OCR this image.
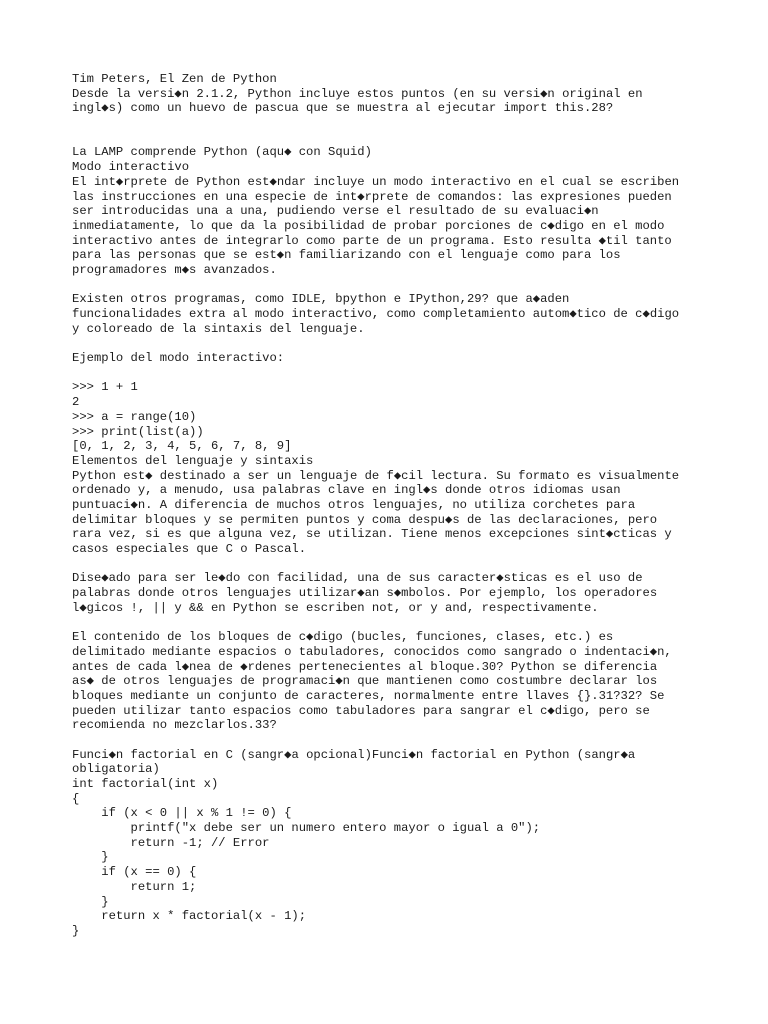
Tim Peters, El Zen de Python
Desde la versi◆n 2.1.2, Python incluye estos puntos (en su versi◆n original en
ingl◆s) como un huevo de pascua que se muestra al ejecutar import this.28?
La LAMP comprende Python (aqu◆ con Squid)
Modo interactivo
El int◆rprete de Python est◆ndar incluye un modo interactivo en el cual se escriben
las instrucciones en una especie de int◆rprete de comandos: las expresiones pueden
ser introducidas una a una, pudiendo verse el resultado de su evaluaci◆n
inmediatamente, lo que da la posibilidad de probar porciones de c◆digo en el modo
interactivo antes de integrarlo como parte de un programa. Esto resulta ◆til tanto
para las personas que se est◆n familiarizando con el lenguaje como para los
programadores m◆s avanzados.
Existen otros programas, como IDLE, bpython e IPython,29? que a◆aden
funcionalidades extra al modo interactivo, como completamiento autom◆tico de c◆digo
y coloreado de la sintaxis del lenguaje.
Ejemplo del modo interactivo:
>>> 1 + 1
2
>>> a = range(10)
>>> print(list(a))
[0, 1, 2, 3, 4, 5, 6, 7, 8, 9]
Elementos del lenguaje y sintaxis
Python est◆ destinado a ser un lenguaje de f◆cil lectura. Su formato es visualmente
ordenado y, a menudo, usa palabras clave en ingl◆s donde otros idiomas usan
puntuaci◆n. A diferencia de muchos otros lenguajes, no utiliza corchetes para
delimitar bloques y se permiten puntos y coma despu◆s de las declaraciones, pero
rara vez, si es que alguna vez, se utilizan. Tiene menos excepciones sint◆cticas y
casos especiales que C o Pascal.
Dise◆ado para ser le◆do con facilidad, una de sus caracter◆sticas es el uso de
palabras donde otros lenguajes utilizar◆an s◆mbolos. Por ejemplo, los operadores
l◆gicos !, || y && en Python se escriben not, or y and, respectivamente.
El contenido de los bloques de c◆digo (bucles, funciones, clases, etc.) es
delimitado mediante espacios o tabuladores, conocidos como sangrado o indentaci◆n,
antes de cada l◆nea de ◆rdenes pertenecientes al bloque.30? Python se diferencia
as◆ de otros lenguajes de programaci◆n que mantienen como costumbre declarar los
bloques mediante un conjunto de caracteres, normalmente entre llaves {}.31?32? Se
pueden utilizar tanto espacios como tabuladores para sangrar el c◆digo, pero se
recomienda no mezclarlos.33?
Funci◆n factorial en C (sangr◆a opcional)Funci◆n factorial en Python (sangr◆a
obligatoria)
int factorial(int x)
{
if (x < 0 || x % 1 != 0) {
printf("x debe ser un numero entero mayor o igual a 0");
return -1; // Error
}
if (x == 0) {
return 1;
}
return x * factorial(x - 1);
}
